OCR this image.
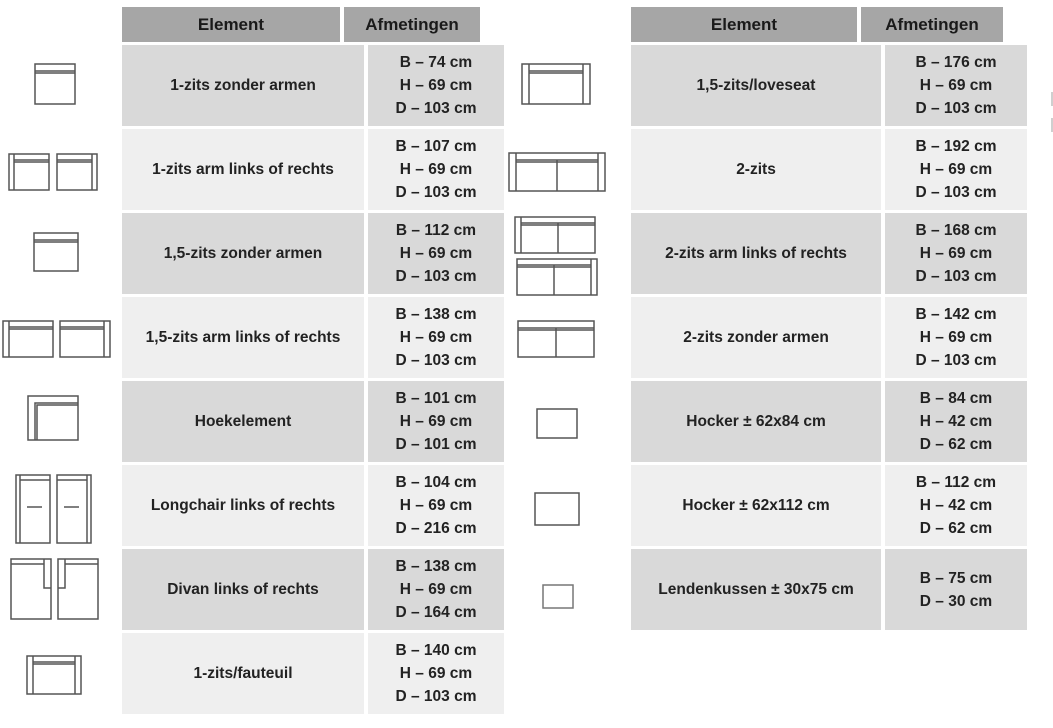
Element	Afmetingen
1-zits zonder armen
B – 74 cm
H – 69 cm
D – 103 cm
1-zits arm links of rechts
B – 107 cm
H – 69 cm
D – 103 cm
1,5-zits zonder armen
B – 112 cm
H – 69 cm
D – 103 cm
1,5-zits arm links of rechts
B – 138 cm
H – 69 cm
D – 103 cm
Hoekelement
B – 101 cm
H – 69 cm
D – 101 cm
Longchair links of rechts
B – 104 cm
H – 69 cm
D – 216 cm
Divan links of rechts
B – 138 cm
H – 69 cm
D – 164 cm
1-zits/fauteuil
B – 140 cm
H – 69 cm
D – 103 cm
Element	Afmetingen
1,5-zits/loveseat
B – 176 cm
H – 69 cm
D – 103 cm
2-zits
B – 192 cm
H – 69 cm
D – 103 cm
2-zits arm links of rechts
B – 168 cm
H – 69 cm
D – 103 cm
2-zits zonder armen
B – 142 cm
H – 69 cm
D – 103 cm
Hocker ± 62x84 cm
B – 84 cm
H – 42 cm
D – 62 cm
Hocker ± 62x112 cm
B – 112 cm
H – 42 cm
D – 62 cm
Lendenkussen ± 30x75 cm
B – 75 cm
D – 30 cm
